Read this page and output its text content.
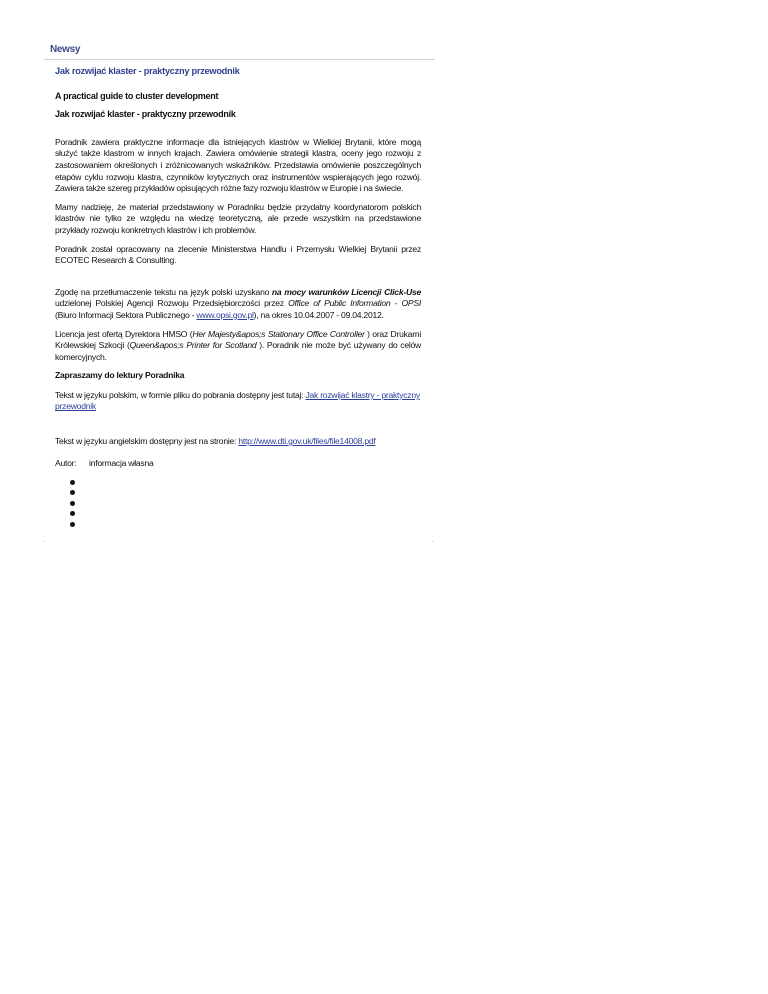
Newsy
Jak rozwijać klaster - praktyczny przewodnik
A practical guide to cluster development
Jak rozwijać klaster - praktyczny przewodnik

Poradnik zawiera praktyczne informacje dla istniejących klastrów w Wielkiej Brytanii, które mogą służyć także klastrom w innych krajach. Zawiera omówienie strategii klastra, oceny jego rozwoju z zastosowaniem określonych i zróżnicowanych wskaźników. Przedstawia omówienie poszczególnych etapów cyklu rozwoju klastra, czynników krytycznych oraz instrumentów wspierających jego rozwój. Zawiera także szereg przykładów opisujących różne fazy rozwoju klastrów w Europie i na świecie.

Mamy nadzieję, że materiał przedstawiony w Poradniku będzie przydatny koordynatorom polskich klastrów nie tylko ze względu na wiedzę teoretyczną, ale przede wszystkim na przedstawione przykłady rozwoju konkretnych klastrów i ich problemów.

Poradnik został opracowany na zlecenie Ministerstwa Handlu i Przemysłu Wielkiej Brytanii przez ECOTEC Research & Consulting.

Zgodę na przetłumaczenie tekstu na język polski uzyskano na mocy warunków Licencji Click-Use udzielonej Polskiej Agencji Rozwoju Przedsiębiorczości przez Office of Public Information - OPSI (Biuro Informacji Sektora Publicznego - www.opsi.gov.pl), na okres 10.04.2007 - 09.04.2012.

Licencja jest ofertą Dyrektora HMSO (Her Majesty&apos;s Stationary Office Controller ) oraz Drukarni Królewskiej Szkocji (Queen&apos;s Printer for Scotland ). Poradnik nie może być używany do celów komercyjnych.

Zapraszamy do lektury Poradnika

Tekst w języku polskim, w formie pliku do pobrania dostępny jest tutaj: Jak rozwijać klastry - praktyczny przewodnik

Tekst w języku angielskim dostępny jest na stronie: http://www.dti.gov.uk/files/file14008.pdf

Autor:	informacja własna
